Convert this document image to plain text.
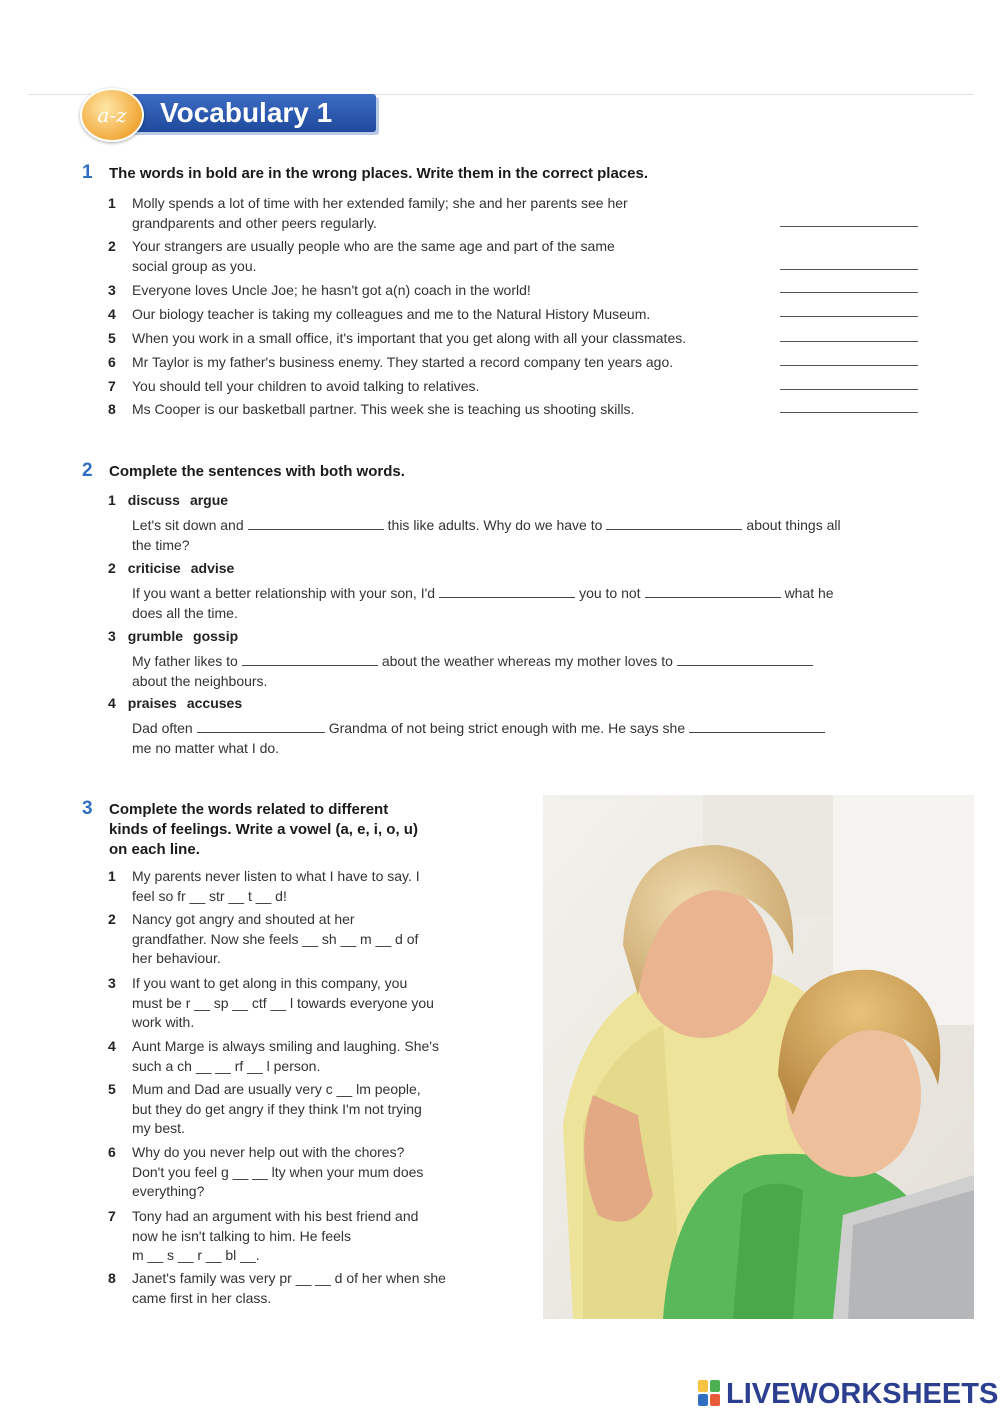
Vocabulary 1
a-z
1 The words in bold are in the wrong places. Write them in the correct places.
1 Molly spends a lot of time with her extended family; she and her parents see her
grandparents and other peers regularly.
2 Your strangers are usually people who are the same age and part of the same
social group as you.
3 Everyone loves Uncle Joe; he hasn't got a(n) coach in the world!
4 Our biology teacher is taking my colleagues and me to the Natural History Museum.
5 When you work in a small office, it's important that you get along with all your classmates.
6 Mr Taylor is my father's business enemy. They started a record company ten years ago.
7 You should tell your children to avoid talking to relatives.
8 Ms Cooper is our basketball partner. This week she is teaching us shooting skills.
2 Complete the sentences with both words.
1 discuss argue
Let's sit down and	this like adults. Why do we have to	about things all
the time?
2 criticise advise
If you want a better relationship with your son, I'd	you to not	what he
does all the time.
3 grumble gossip
My father likes to	about the weather whereas my mother loves to
about the neighbours.
4 praises accuses
Dad often	Grandma of not being strict enough with me. He says she
me no matter what I do.
3 Complete the words related to different
kinds of feelings. Write a vowel (a, e, i, o, u)
on each line.
1 My parents never listen to what I have to say. I
feel so fr __ str __ t __ d!
2 Nancy got angry and shouted at her
grandfather. Now she feels __ sh __ m __ d of
her behaviour.
3 If you want to get along in this company, you
must be r __ sp __ ctf __ l towards everyone you
work with.
4 Aunt Marge is always smiling and laughing. She's
such a ch __ __ rf __ l person.
5 Mum and Dad are usually very c __ lm people,
but they do get angry if they think I'm not trying
my best.
6 Why do you never help out with the chores?
Don't you feel g __ __ lty when your mum does
everything?
7 Tony had an argument with his best friend and
now he isn't talking to him. He feels
m __ s __ r __ bl __.
8 Janet's family was very pr __ __ d of her when she
came first in her class.
LIVEWORKSHEETS
